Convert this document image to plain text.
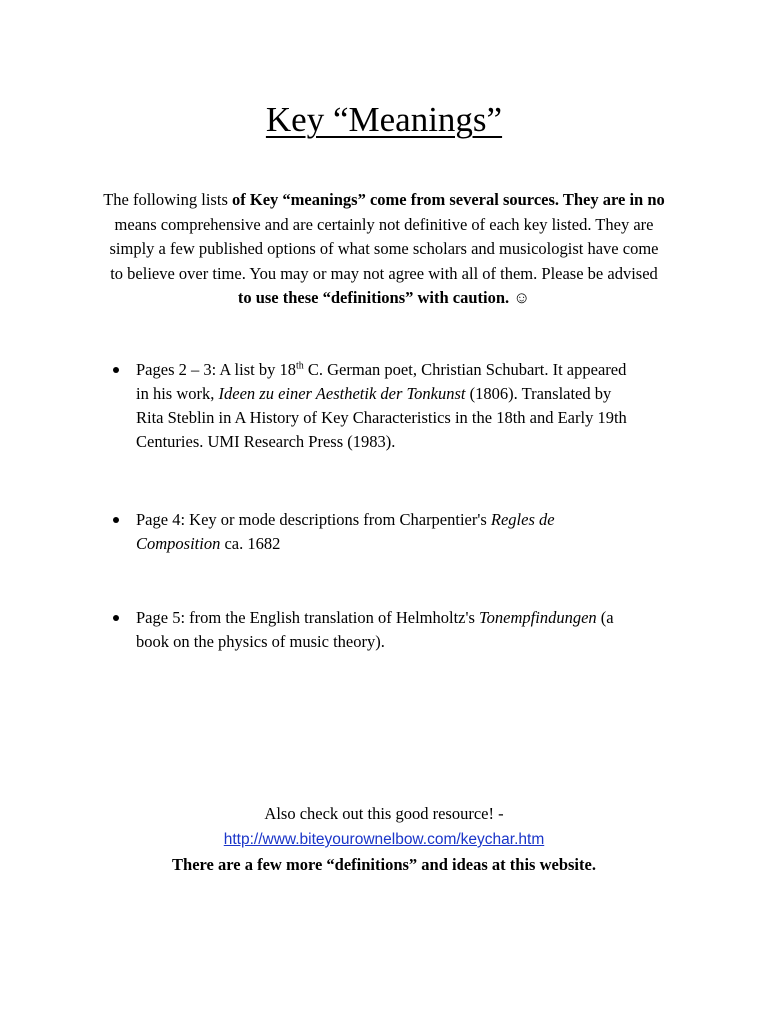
Key “Meanings”
The following lists of Key “meanings” come from several sources. They are in no
means comprehensive and are certainly not definitive of each key listed. They are
simply a few published options of what some scholars and musicologist have come
to believe over time. You may or may not agree with all of them. Please be advised
to use these “definitions” with caution. ☺
Pages 2 – 3: A list by 18th C. German poet, Christian Schubart. It appeared
in his work, Ideen zu einer Aesthetik der Tonkunst (1806). Translated by
Rita Steblin in A History of Key Characteristics in the 18th and Early 19th
Centuries. UMI Research Press (1983).
Page 4: Key or mode descriptions from Charpentier's Regles de
Composition ca. 1682
Page 5: from the English translation of Helmholtz's Tonempfindungen (a
book on the physics of music theory).
Also check out this good resource! -
http://www.biteyourownelbow.com/keychar.htm
There are a few more “definitions” and ideas at this website.
